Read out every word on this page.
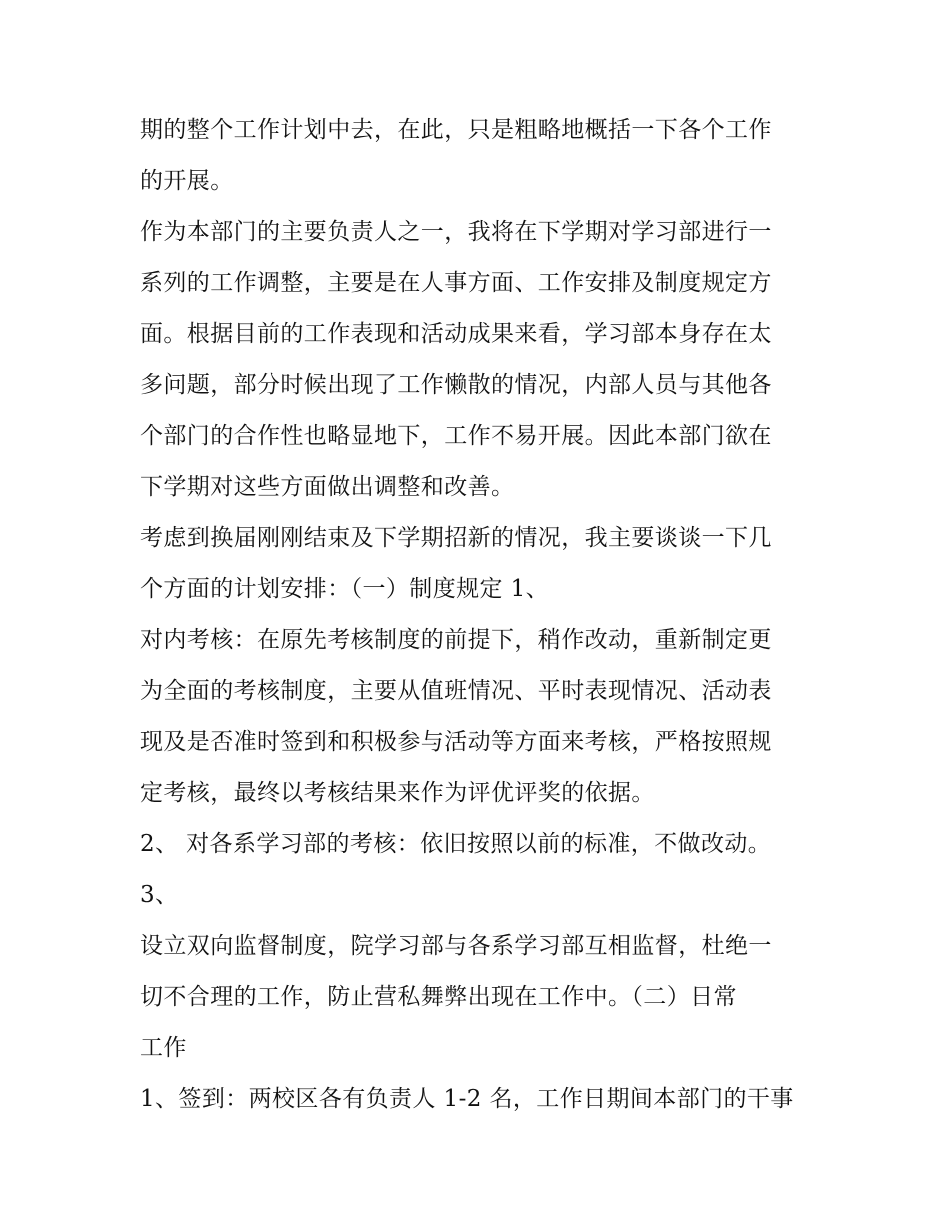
期的整个工作计划中去，在此，只是粗略地概括一下各个工作
的开展。
作为本部门的主要负责人之一，我将在下学期对学习部进行一
系列的工作调整，主要是在人事方面、工作安排及制度规定方
面。根据目前的工作表现和活动成果来看，学习部本身存在太
多问题，部分时候出现了工作懒散的情况，内部人员与其他各
个部门的合作性也略显地下，工作不易开展。因此本部门欲在
下学期对这些方面做出调整和改善。
考虑到换届刚刚结束及下学期招新的情况，我主要谈谈一下几
个方面的计划安排：（一）制度规定 1、
对内考核：在原先考核制度的前提下，稍作改动，重新制定更
为全面的考核制度，主要从值班情况、平时表现情况、活动表
现及是否准时签到和积极参与活动等方面来考核，严格按照规
定考核，最终以考核结果来作为评优评奖的依据。
2、 对各系学习部的考核：依旧按照以前的标准，不做改动。
3、
设立双向监督制度，院学习部与各系学习部互相监督，杜绝一
切不合理的工作，防止营私舞弊出现在工作中。（二）日常
工作
1、签到：两校区各有负责人 1-2 名，工作日期间本部门的干事
